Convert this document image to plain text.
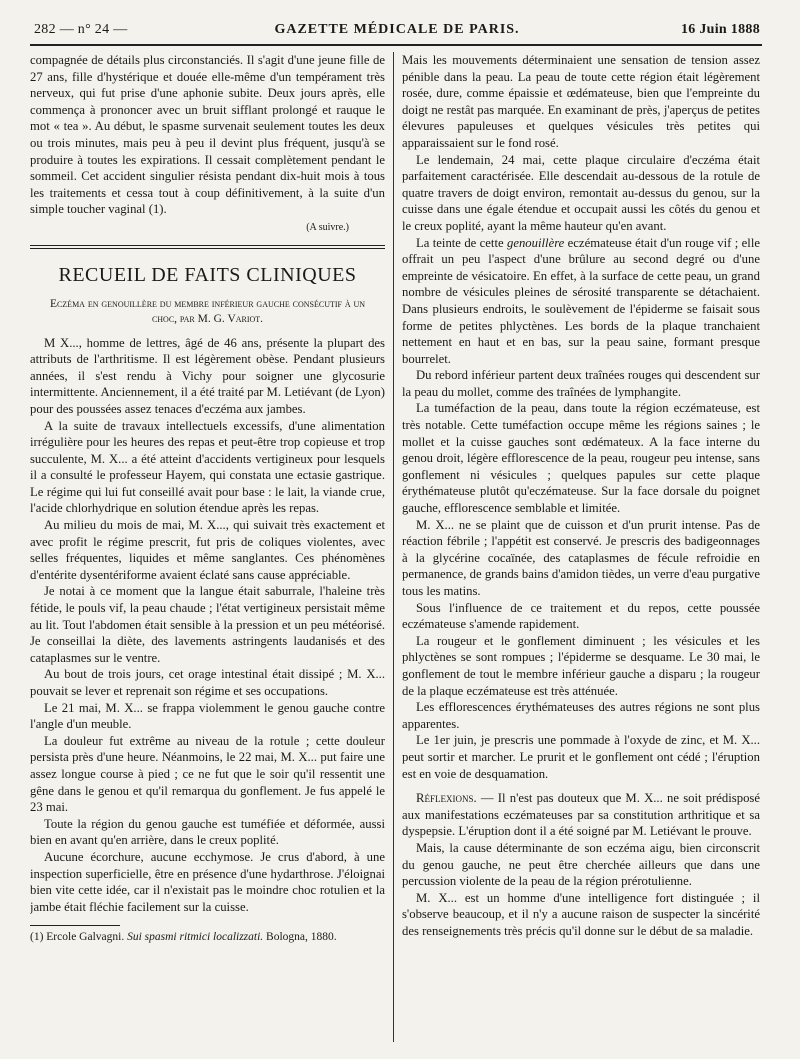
282 — n° 24 —	GAZETTE MÉDICALE DE PARIS.	16 Juin 1888

compagnée de détails plus circonstanciés. Il s'agit d'une jeune fille de 27 ans, fille d'hystérique et douée elle-même d'un tempérament très nerveux, qui fut prise d'une aphonie subite. Deux jours après, elle commença à prononcer avec un bruit sifflant prolongé et rauque le mot « tea ». Au début, le spasme survenait seulement toutes les deux ou trois minutes, mais peu à peu il devint plus fréquent, jusqu'à se produire à toutes les expirations. Il cessait complètement pendant le sommeil. Cet accident singulier résista pendant dix-huit mois à tous les traitements et cessa tout à coup définitivement, à la suite d'un simple toucher vaginal (1).

(A suivre.)
RECUEIL DE FAITS CLINIQUES
Eczéma en genouillère du membre inférieur gauche consécutif à un choc, par M. G. Variot.

M X..., homme de lettres, âgé de 46 ans, présente la plupart des attributs de l'arthritisme. Il est légèrement obèse. Pendant plusieurs années, il s'est rendu à Vichy pour soigner une glycosurie intermittente. Anciennement, il a été traité par M. Letiévant (de Lyon) pour des poussées assez tenaces d'eczéma aux jambes.

A la suite de travaux intellectuels excessifs, d'une alimentation irrégulière pour les heures des repas et peut-être trop copieuse et trop succulente, M. X... a été atteint d'accidents vertigineux pour lesquels il a consulté le professeur Hayem, qui constata une ectasie gastrique. Le régime qui lui fut conseillé avait pour base : le lait, la viande crue, l'acide chlorhydrique en solution étendue après les repas.

Au milieu du mois de mai, M. X..., qui suivait très exactement et avec profit le régime prescrit, fut pris de coliques violentes, avec selles fréquentes, liquides et même sanglantes. Ces phénomènes d'entérite dysentériforme avaient éclaté sans cause appréciable.

Je notai à ce moment que la langue était saburrale, l'haleine très fétide, le pouls vif, la peau chaude ; l'état vertigineux persistait même au lit. Tout l'abdomen était sensible à la pression et un peu météorisé. Je conseillai la diète, des lavements astringents laudanisés et des cataplasmes sur le ventre.

Au bout de trois jours, cet orage intestinal était dissipé ; M. X... pouvait se lever et reprenait son régime et ses occupations.

Le 21 mai, M. X... se frappa violemment le genou gauche contre l'angle d'un meuble.

La douleur fut extrême au niveau de la rotule ; cette douleur persista près d'une heure. Néanmoins, le 22 mai, M. X... put faire une assez longue course à pied ; ce ne fut que le soir qu'il ressentit une gêne dans le genou et qu'il remarqua du gonflement. Je fus appelé le 23 mai.

Toute la région du genou gauche est tuméfiée et déformée, aussi bien en avant qu'en arrière, dans le creux poplité.

Aucune écorchure, aucune ecchymose. Je crus d'abord, à une inspection superficielle, être en présence d'une hydarthrose. J'éloignai bien vite cette idée, car il n'existait pas le moindre choc rotulien et la jambe était fléchie facilement sur la cuisse.

(1) Ercole Galvagni. Sui spasmi ritmici localizzati. Bologna, 1880.

Mais les mouvements déterminaient une sensation de tension assez pénible dans la peau. La peau de toute cette région était légèrement rosée, dure, comme épaissie et œdémateuse, bien que l'empreinte du doigt ne restât pas marquée. En examinant de près, j'aperçus de petites élevures papuleuses et quelques vésicules très petites qui apparaissaient sur le fond rosé.

Le lendemain, 24 mai, cette plaque circulaire d'eczéma était parfaitement caractérisée. Elle descendait au-dessous de la rotule de quatre travers de doigt environ, remontait au-dessus du genou, sur la cuisse dans une égale étendue et occupait aussi les côtés du genou et le creux poplité, ayant la même hauteur qu'en avant.

La teinte de cette genouillère eczémateuse était d'un rouge vif ; elle offrait un peu l'aspect d'une brûlure au second degré ou d'une empreinte de vésicatoire. En effet, à la surface de cette peau, un grand nombre de vésicules pleines de sérosité transparente se détachaient. Dans plusieurs endroits, le soulèvement de l'épiderme se faisait sous forme de petites phlyctènes. Les bords de la plaque tranchaient nettement en haut et en bas, sur la peau saine, formant presque bourrelet.

Du rebord inférieur partent deux traînées rouges qui descendent sur la peau du mollet, comme des traînées de lymphangite.

La tuméfaction de la peau, dans toute la région eczémateuse, est très notable. Cette tuméfaction occupe même les régions saines ; le mollet et la cuisse gauches sont œdémateux. A la face interne du genou droit, légère efflorescence de la peau, rougeur peu intense, sans gonflement ni vésicules ; quelques papules sur cette plaque érythémateuse plutôt qu'eczémateuse. Sur la face dorsale du poignet gauche, efflorescence semblable et limitée.

M. X... ne se plaint que de cuisson et d'un prurit intense. Pas de réaction fébrile ; l'appétit est conservé. Je prescris des badigeonnages à la glycérine cocaïnée, des cataplasmes de fécule refroidie en permanence, de grands bains d'amidon tièdes, un verre d'eau purgative tous les matins.

Sous l'influence de ce traitement et du repos, cette poussée eczémateuse s'amende rapidement.

La rougeur et le gonflement diminuent ; les vésicules et les phlyctènes se sont rompues ; l'épiderme se desquame. Le 30 mai, le gonflement de tout le membre inférieur gauche a disparu ; la rougeur de la plaque eczémateuse est très atténuée.

Les efflorescences érythémateuses des autres régions ne sont plus apparentes.

Le 1er juin, je prescris une pommade à l'oxyde de zinc, et M. X... peut sortir et marcher. Le prurit et le gonflement ont cédé ; l'éruption est en voie de desquamation.

Réflexions. — Il n'est pas douteux que M. X... ne soit prédisposé aux manifestations eczémateuses par sa constitution arthritique et sa dyspepsie. L'éruption dont il a été soigné par M. Letiévant le prouve.

Mais, la cause déterminante de son eczéma aigu, bien circonscrit du genou gauche, ne peut être cherchée ailleurs que dans une percussion violente de la peau de la région prérotulienne.

M. X... est un homme d'une intelligence fort distinguée ; il s'observe beaucoup, et il n'y a aucune raison de suspecter la sincérité des renseignements très précis qu'il donne sur le début de sa maladie.
